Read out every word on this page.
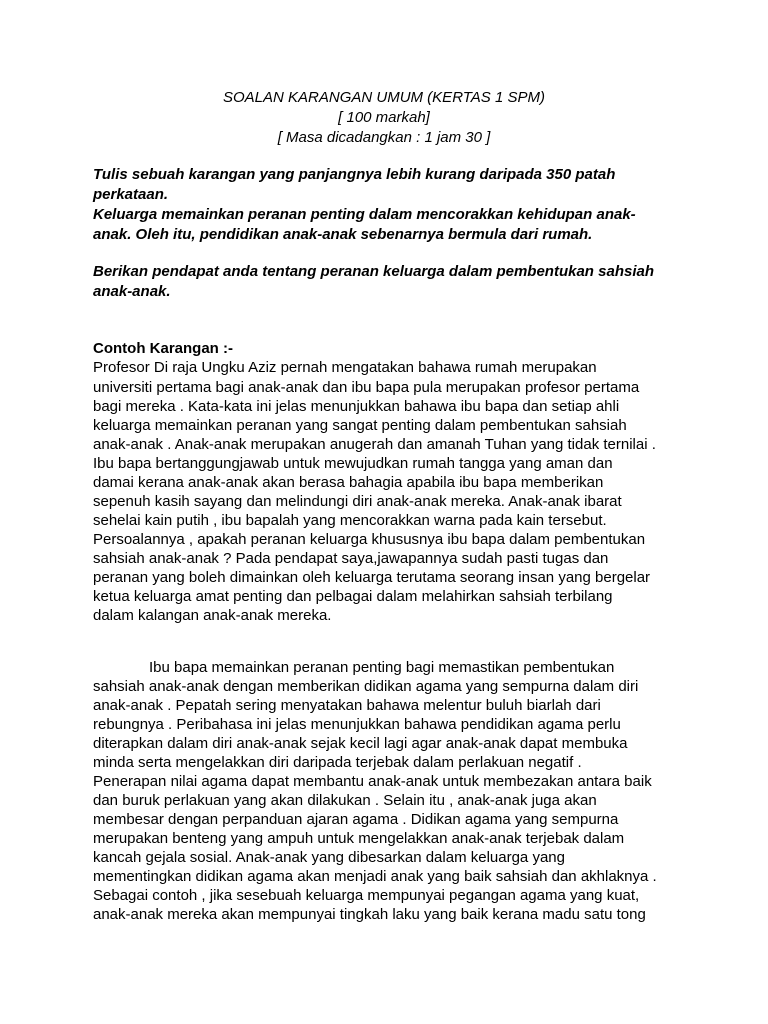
SOALAN KARANGAN UMUM (KERTAS 1 SPM)
[ 100 markah]
[ Masa dicadangkan : 1 jam 30 ]
Tulis sebuah karangan yang panjangnya lebih kurang daripada 350 patah
perkataan.
Keluarga memainkan peranan penting dalam mencorakkan kehidupan anak-
anak. Oleh itu, pendidikan anak-anak sebenarnya bermula dari rumah.
Berikan pendapat anda tentang peranan keluarga dalam pembentukan sahsiah
anak-anak.
Contoh Karangan :-
Profesor Di raja Ungku Aziz pernah mengatakan bahawa rumah merupakan
universiti pertama bagi anak-anak dan ibu bapa pula merupakan profesor pertama
bagi mereka . Kata-kata ini jelas menunjukkan bahawa ibu bapa dan setiap ahli
keluarga memainkan peranan yang sangat penting dalam pembentukan sahsiah
anak-anak . Anak-anak merupakan anugerah dan amanah Tuhan yang tidak ternilai .
Ibu bapa bertanggungjawab untuk mewujudkan rumah tangga yang aman dan
damai kerana anak-anak akan berasa bahagia apabila ibu bapa memberikan
sepenuh kasih sayang dan melindungi diri anak-anak mereka. Anak-anak ibarat
sehelai kain putih , ibu bapalah yang mencorakkan warna pada kain tersebut.
Persoalannya , apakah peranan keluarga khususnya ibu bapa dalam pembentukan
sahsiah anak-anak ? Pada pendapat saya,jawapannya sudah pasti tugas dan
peranan yang boleh dimainkan oleh keluarga terutama seorang insan yang bergelar
ketua keluarga amat penting dan pelbagai dalam melahirkan sahsiah terbilang
dalam kalangan anak-anak mereka.
Ibu bapa memainkan peranan penting bagi memastikan pembentukan
sahsiah anak-anak dengan memberikan didikan agama yang sempurna dalam diri
anak-anak . Pepatah sering menyatakan bahawa melentur buluh biarlah dari
rebungnya . Peribahasa ini jelas menunjukkan bahawa pendidikan agama perlu
diterapkan dalam diri anak-anak sejak kecil lagi agar anak-anak dapat membuka
minda serta mengelakkan diri daripada terjebak dalam perlakuan negatif .
Penerapan nilai agama dapat membantu anak-anak untuk membezakan antara baik
dan buruk perlakuan yang akan dilakukan . Selain itu , anak-anak juga akan
membesar dengan perpanduan ajaran agama . Didikan agama yang sempurna
merupakan benteng yang ampuh untuk mengelakkan anak-anak terjebak dalam
kancah gejala sosial. Anak-anak yang dibesarkan dalam keluarga yang
mementingkan didikan agama akan menjadi anak yang baik sahsiah dan akhlaknya .
Sebagai contoh , jika sesebuah keluarga mempunyai pegangan agama yang kuat,
anak-anak mereka akan mempunyai tingkah laku yang baik kerana madu satu tong
